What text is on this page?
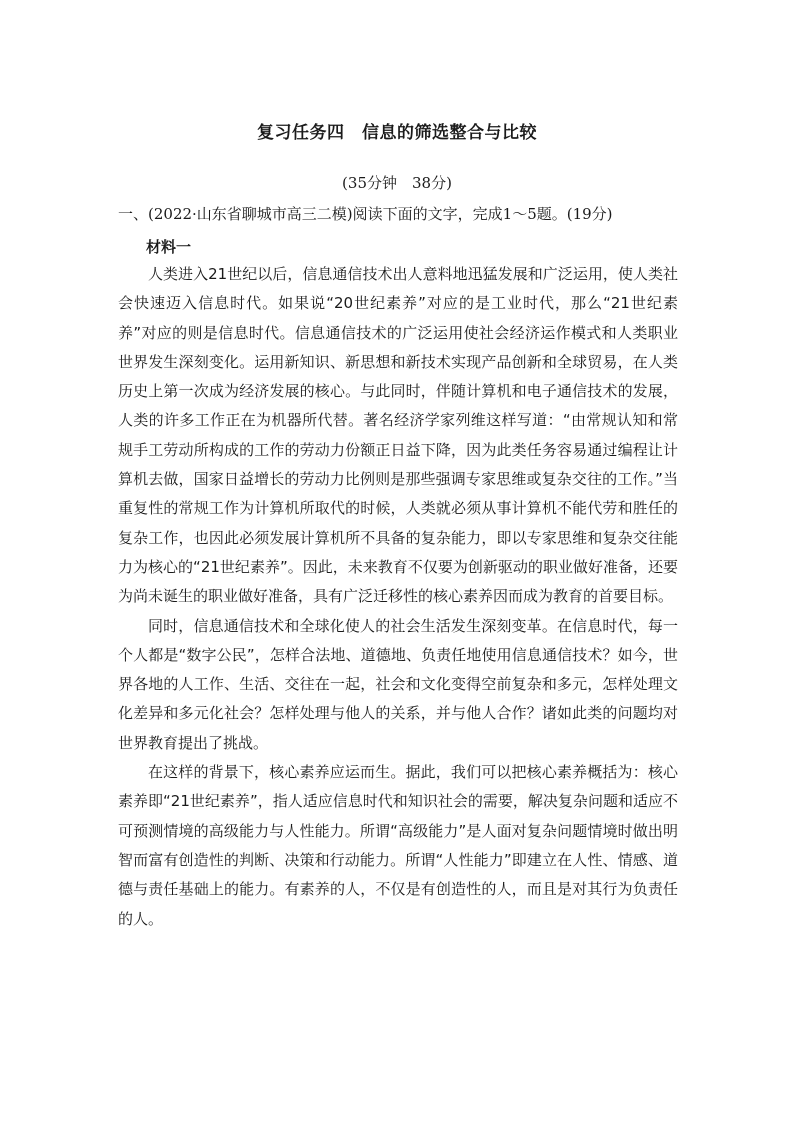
复习任务四　信息的筛选整合与比较
(35分钟　38分)
一、(2022·山东省聊城市高三二模)阅读下面的文字，完成1～5题。(19分)
材料一

人类进入21世纪以后，信息通信技术出人意料地迅猛发展和广泛运用，使人类社会快速迈入信息时代。如果说“20世纪素养”对应的是工业时代，那么“21世纪素养”对应的则是信息时代。信息通信技术的广泛运用使社会经济运作模式和人类职业世界发生深刻变化。运用新知识、新思想和新技术实现产品创新和全球贸易，在人类历史上第一次成为经济发展的核心。与此同时，伴随计算机和电子通信技术的发展，人类的许多工作正在为机器所代替。著名经济学家列维这样写道：“由常规认知和常规手工劳动所构成的工作的劳动力份额正日益下降，因为此类任务容易通过编程让计算机去做，国家日益增长的劳动力比例则是那些强调专家思维或复杂交往的工作。”当重复性的常规工作为计算机所取代的时候，人类就必须从事计算机不能代劳和胜任的复杂工作，也因此必须发展计算机所不具备的复杂能力，即以专家思维和复杂交往能力为核心的“21世纪素养”。因此，未来教育不仅要为创新驱动的职业做好准备，还要为尚未诞生的职业做好准备，具有广泛迁移性的核心素养因而成为教育的首要目标。

同时，信息通信技术和全球化使人的社会生活发生深刻变革。在信息时代，每一个人都是“数字公民”，怎样合法地、道德地、负责任地使用信息通信技术？如今，世界各地的人工作、生活、交往在一起，社会和文化变得空前复杂和多元，怎样处理文化差异和多元化社会？怎样处理与他人的关系，并与他人合作？诸如此类的问题均对世界教育提出了挑战。

在这样的背景下，核心素养应运而生。据此，我们可以把核心素养概括为：核心素养即“21世纪素养”，指人适应信息时代和知识社会的需要，解决复杂问题和适应不可预测情境的高级能力与人性能力。所谓“高级能力”是人面对复杂问题情境时做出明智而富有创造性的判断、决策和行动能力。所谓“人性能力”即建立在人性、情感、道德与责任基础上的能力。有素养的人，不仅是有创造性的人，而且是对其行为负责任的人。
